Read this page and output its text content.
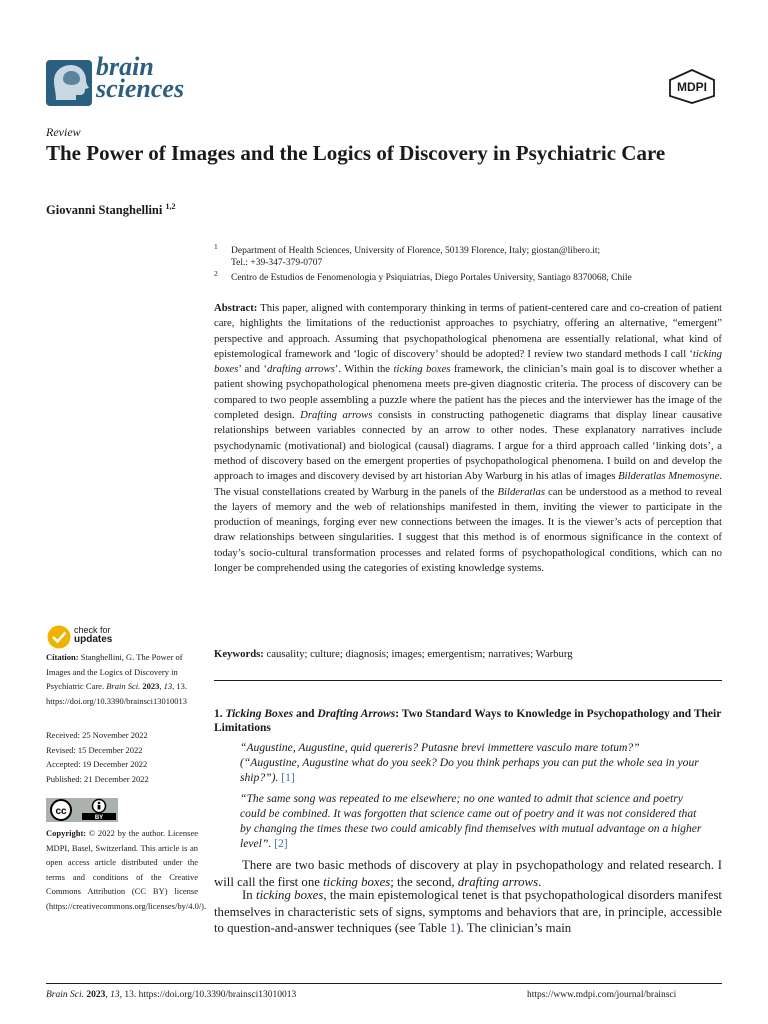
brain
sciences	MDPI
Review
The Power of Images and the Logics of Discovery in Psychiatric Care
Giovanni Stanghellini $^{1,2}$
1 Department of Health Sciences, University of Florence, 50139 Florence, Italy; giostan@libero.it;
Tel.: +39-347-379-0707
2 Centro de Estudios de Fenomenologia y Psiquiatrias, Diego Portales University, Santiago 8370068, Chile
Abstract: This paper, aligned with contemporary thinking in terms of patient-centered care and co-creation of patient care, highlights the limitations of the reductionist approaches to psychiatry, offering an alternative, “emergent” perspective and approach. Assuming that psychopathological phenomena are essentially relational, what kind of epistemological framework and ‘logic of discovery’ should be adopted? I review two standard methods I call ‘ticking boxes’ and ‘drafting arrows’. Within the ticking boxes framework, the clinician’s main goal is to discover whether a patient showing psychopathological phenomena meets pre-given diagnostic criteria. The process of discovery can be compared to two people assembling a puzzle where the patient has the pieces and the interviewer has the image of the completed design. Drafting arrows consists in constructing pathogenetic diagrams that display linear causative relationships between variables connected by an arrow to other nodes. These explanatory narratives include psychodynamic (motivational) and biological (causal) diagrams. I argue for a third approach called ‘linking dots’, a method of discovery based on the emergent properties of psychopathological phenomena. I build on and develop the approach to images and discovery devised by art historian Aby Warburg in his atlas of images Bilderatlas Mnemosyne. The visual constellations created by Warburg in the panels of the Bilderatlas can be understood as a method to reveal the layers of memory and the web of relationships manifested in them, inviting the viewer to participate in the production of meanings, forging ever new connections between the images. It is the viewer’s acts of perception that draw relationships between singularities. I suggest that this method is of enormous significance in the context of today’s socio-cultural transformation processes and related forms of psychopathological conditions, which can no longer be comprehended using the categories of existing knowledge systems.
Keywords: causality; culture; diagnosis; images; emergentism; narratives; Warburg
check for
updates
Citation: Stanghellini, G. The Power of Images and the Logics of Discovery in Psychiatric Care. Brain Sci. 2023, 13, 13. https://doi.org/10.3390/brainsci13010013
Received: 25 November 2022
Revised: 15 December 2022
Accepted: 19 December 2022
Published: 21 December 2022
cc
BY
Copyright: © 2022 by the author. Licensee MDPI, Basel, Switzerland. This article is an open access article distributed under the terms and conditions of the Creative Commons Attribution (CC BY) license (https://creativecommons.org/licenses/by/4.0/).
1. Ticking Boxes and Drafting Arrows: Two Standard Ways to Knowledge in Psychopathology and Their Limitations
“Augustine, Augustine, quid quereris? Putasne brevi immettere vasculo mare totum?” (“Augustine, Augustine what do you seek? Do you think perhaps you can put the whole sea in your ship?”). [1]
“The same song was repeated to me elsewhere; no one wanted to admit that science and poetry could be combined. It was forgotten that science came out of poetry and it was not considered that by changing the times these two could amicably find themselves with mutual advantage on a higher level”. [2]
There are two basic methods of discovery at play in psychopathology and related research. I will call the first one ticking boxes; the second, drafting arrows.
In ticking boxes, the main epistemological tenet is that psychopathological disorders manifest themselves in characteristic sets of signs, symptoms and behaviors that are, in principle, accessible to question-and-answer techniques (see Table 1). The clinician’s main
Brain Sci. 2023, 13, 13. https://doi.org/10.3390/brainsci13010013	https://www.mdpi.com/journal/brainsci
